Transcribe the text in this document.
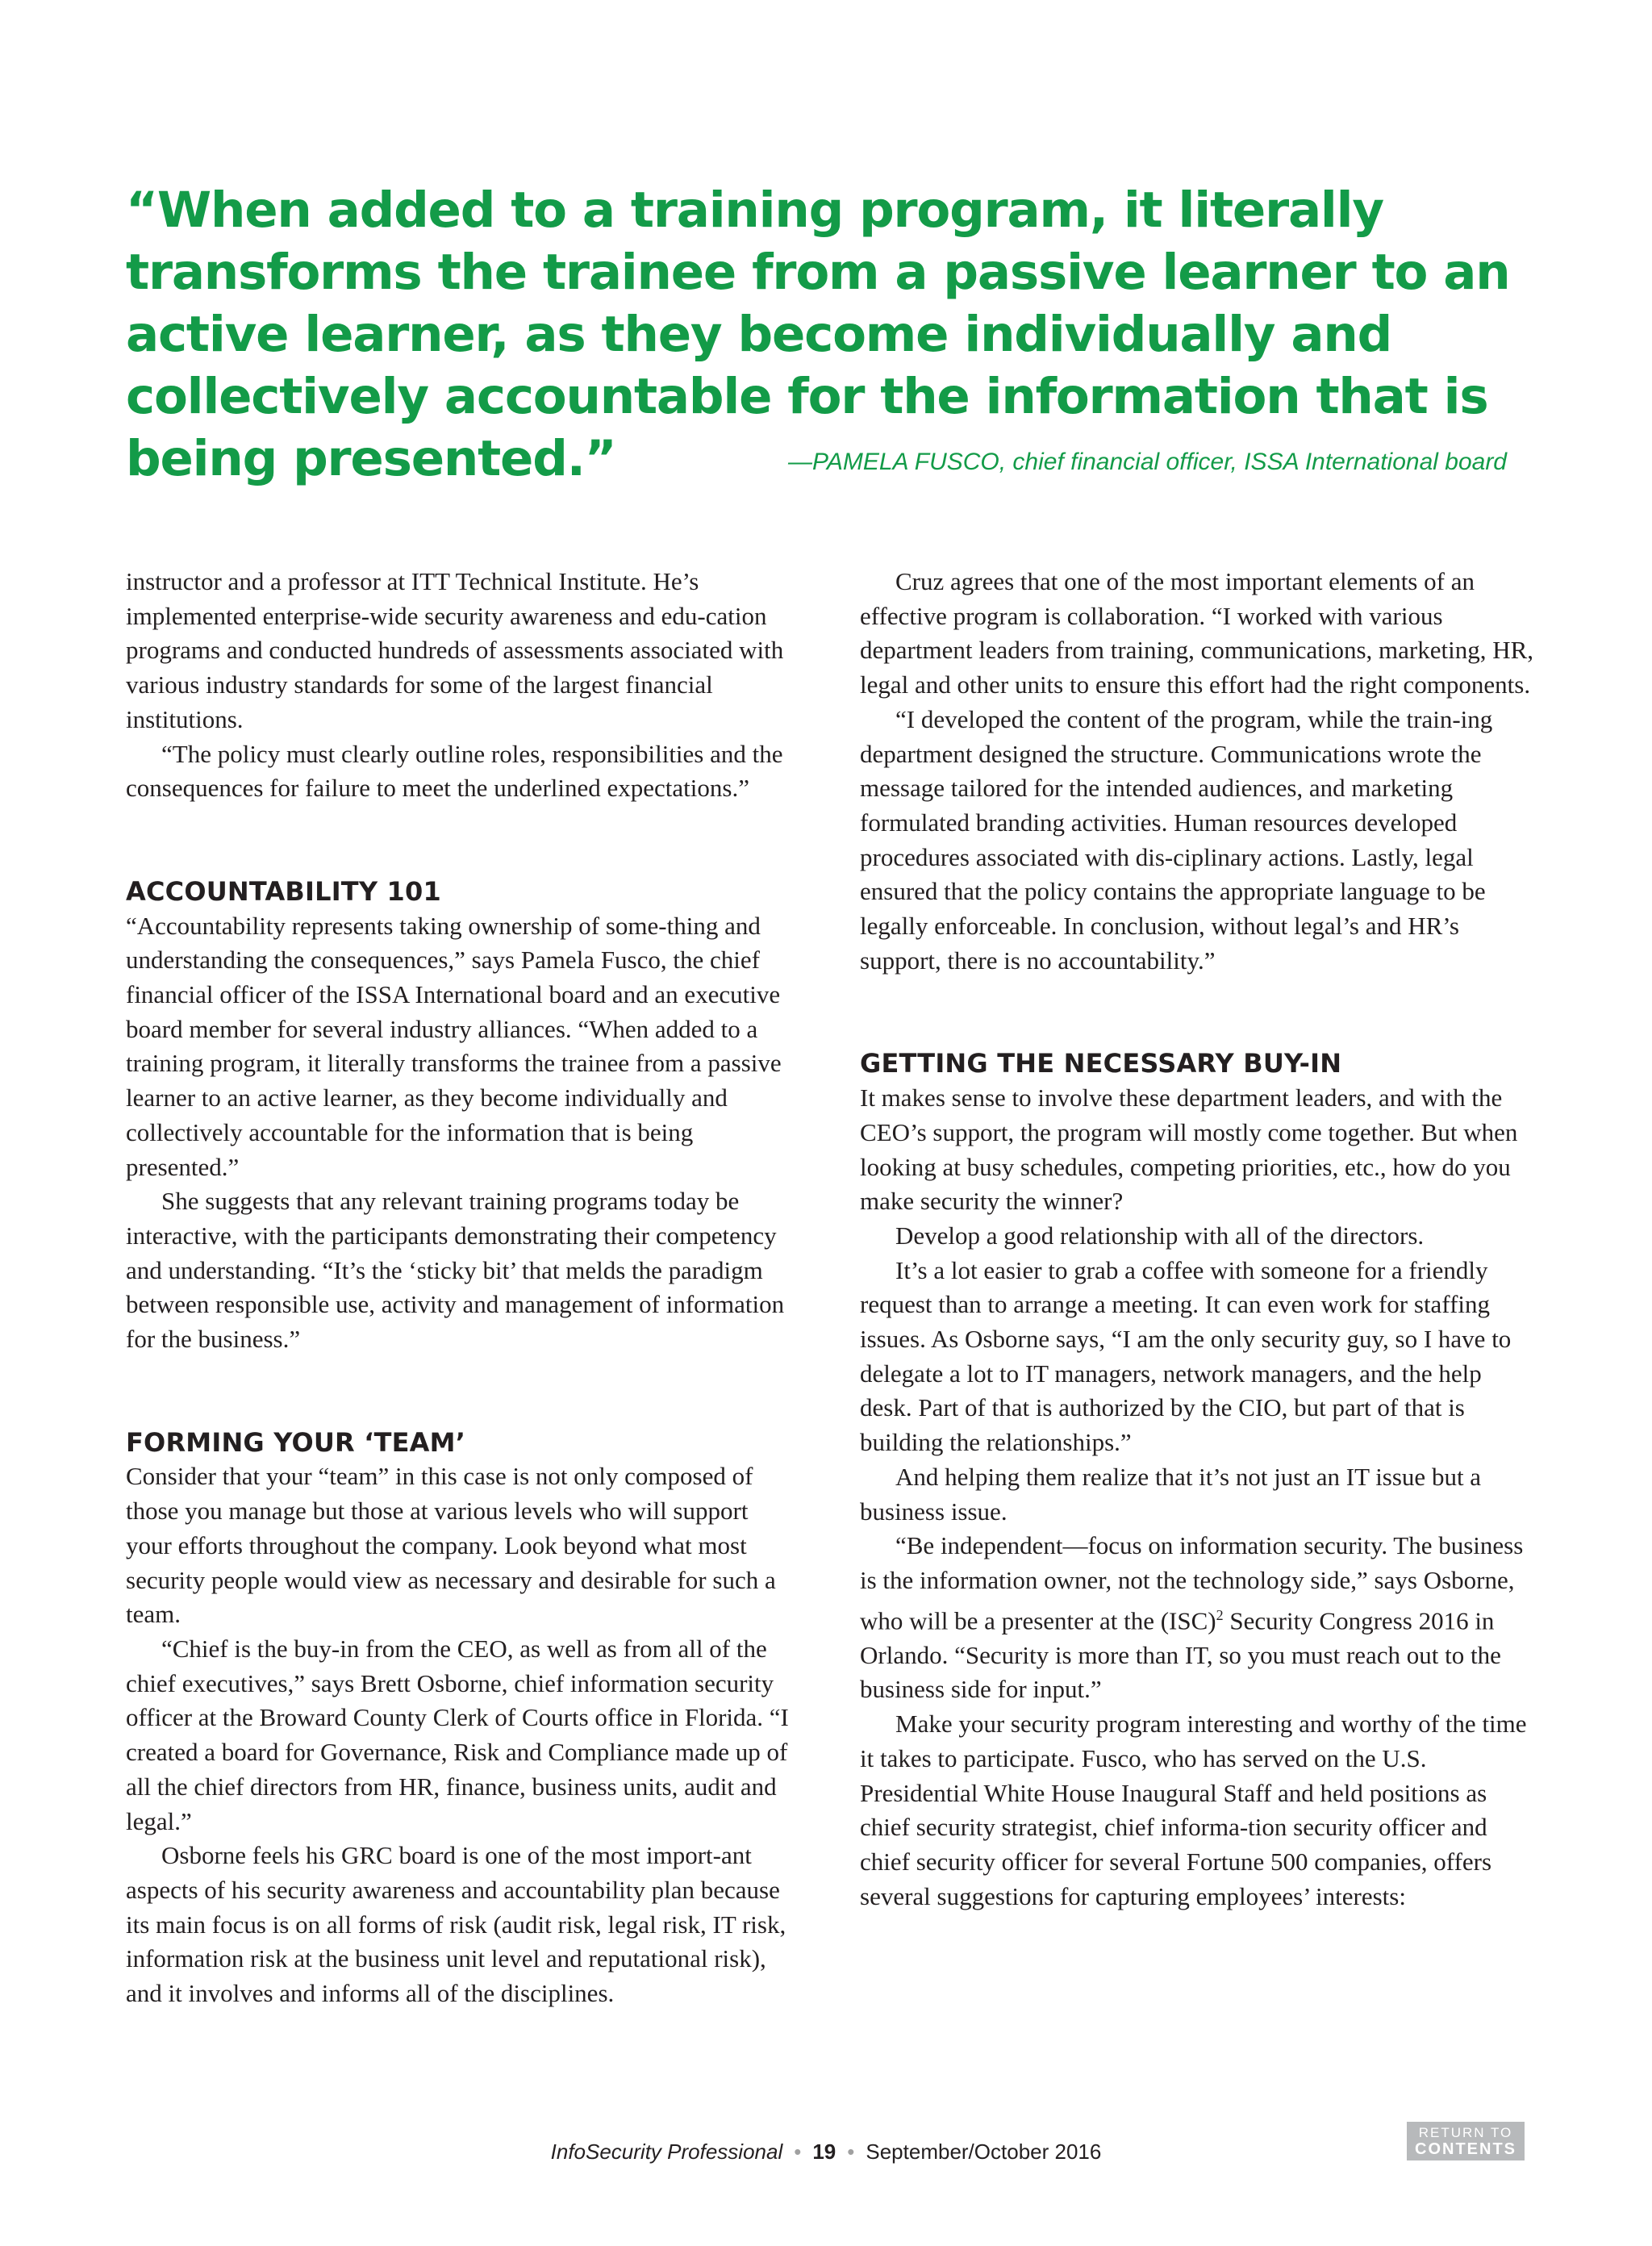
“When added to a training program, it literally transforms the trainee from a passive learner to an active learner, as they become individually and collectively accountable for the information that is being presented.”	—PAMELA FUSCO, chief financial officer, ISSA International board

instructor and a professor at ITT Technical Institute. He’s implemented enterprise-wide security awareness and edu-cation programs and conducted hundreds of assessments associated with various industry standards for some of the largest financial institutions.

“The policy must clearly outline roles, responsibilities and the consequences for failure to meet the underlined expectations.”

ACCOUNTABILITY 101

“Accountability represents taking ownership of some-thing and understanding the consequences,” says Pamela Fusco, the chief financial officer of the ISSA International board and an executive board member for several industry alliances. “When added to a training program, it literally transforms the trainee from a passive learner to an active learner, as they become individually and collectively accountable for the information that is being presented.”

She suggests that any relevant training programs today be interactive, with the participants demonstrating their competency and understanding. “It’s the ‘sticky bit’ that melds the paradigm between responsible use, activity and management of information for the business.”

FORMING YOUR ‘TEAM’

Consider that your “team” in this case is not only composed of those you manage but those at various levels who will support your efforts throughout the company. Look beyond what most security people would view as necessary and desirable for such a team.

“Chief is the buy-in from the CEO, as well as from all of the chief executives,” says Brett Osborne, chief information security officer at the Broward County Clerk of Courts office in Florida. “I created a board for Governance, Risk and Compliance made up of all the chief directors from HR, finance, business units, audit and legal.”

Osborne feels his GRC board is one of the most import-ant aspects of his security awareness and accountability plan because its main focus is on all forms of risk (audit risk, legal risk, IT risk, information risk at the business unit level and reputational risk), and it involves and informs all of the disciplines.

Cruz agrees that one of the most important elements of an effective program is collaboration. “I worked with various department leaders from training, communications, marketing, HR, legal and other units to ensure this effort had the right components.

“I developed the content of the program, while the train-ing department designed the structure. Communications wrote the message tailored for the intended audiences, and marketing formulated branding activities. Human resources developed procedures associated with dis-ciplinary actions. Lastly, legal ensured that the policy contains the appropriate language to be legally enforceable. In conclusion, without legal’s and HR’s support, there is no accountability.”

GETTING THE NECESSARY BUY-IN

It makes sense to involve these department leaders, and with the CEO’s support, the program will mostly come together. But when looking at busy schedules, competing priorities, etc., how do you make security the winner?

Develop a good relationship with all of the directors.

It’s a lot easier to grab a coffee with someone for a friendly request than to arrange a meeting. It can even work for staffing issues. As Osborne says, “I am the only security guy, so I have to delegate a lot to IT managers, network managers, and the help desk. Part of that is authorized by the CIO, but part of that is building the relationships.”

And helping them realize that it’s not just an IT issue but a business issue.

“Be independent—focus on information security. The business is the information owner, not the technology side,” says Osborne, who will be a presenter at the (ISC)$^2$ Security Congress 2016 in Orlando. “Security is more than IT, so you must reach out to the business side for input.”

Make your security program interesting and worthy of the time it takes to participate. Fusco, who has served on the U.S. Presidential White House Inaugural Staff and held positions as chief security strategist, chief informa-tion security officer and chief security officer for several Fortune 500 companies, offers several suggestions for capturing employees’ interests:

InfoSecurity Professional • 19 • September/October 2016
RETURN TO
CONTENTS
